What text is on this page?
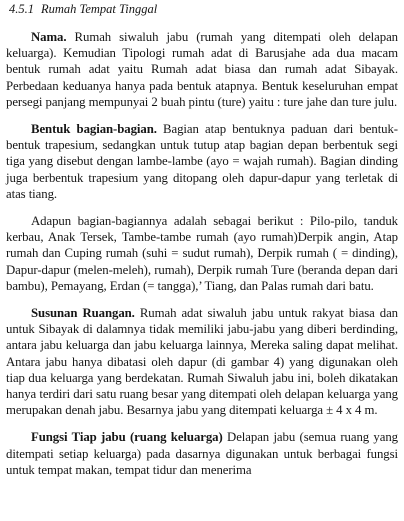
4.5.1 Rumah Tempat Tinggal

Nama. Rumah siwaluh jabu (rumah yang ditempati oleh delapan keluarga). Kemudian Tipologi rumah adat di Barusjahe ada dua macam bentuk rumah adat yaitu Rumah adat biasa dan rumah adat Sibayak. Perbedaan keduanya hanya pada bentuk atapnya. Bentuk keseluruhan empat persegi panjang mempunyai 2 buah pintu (ture) yaitu : ture jahe dan ture julu.

Bentuk bagian-bagian. Bagian atap bentuknya paduan dari bentuk-bentuk trapesium, sedangkan untuk tutup atap bagian depan berbentuk segi tiga yang disebut dengan lambe-lambe (ayo = wajah rumah). Bagian dinding juga berbentuk trapesium yang ditopang oleh dapur-dapur yang terletak di atas tiang.

Adapun bagian-bagiannya adalah sebagai berikut : Pilo-pilo, tanduk kerbau, Anak Tersek, Tambe-tambe rumah (ayo rumah)Derpik angin, Atap rumah dan Cuping rumah (suhi = sudut rumah), Derpik rumah ( = dinding), Dapur-dapur (melen-meleh), rumah), Derpik rumah Ture (beranda depan dari bambu), Pemayang, Erdan (= tangga),’ Tiang, dan Palas rumah dari batu.

Susunan Ruangan. Rumah adat siwaluh jabu untuk rakyat biasa dan untuk Sibayak di dalamnya tidak memiliki jabu-jabu yang diberi berdinding, antara jabu keluarga dan jabu keluarga lainnya, Mereka saling dapat melihat. Antara jabu hanya dibatasi oleh dapur (di gambar 4) yang digunakan oleh tiap dua keluarga yang berdekatan. Rumah Siwaluh jabu ini, boleh dikatakan hanya terdiri dari satu ruang besar yang ditempati oleh delapan keluarga yang merupakan denah jabu. Besarnya jabu yang ditempati keluarga ± 4 x 4 m.

Fungsi Tiap jabu (ruang keluarga) Delapan jabu (semua ruang yang ditempati setiap keluarga) pada dasarnya digunakan untuk berbagai fungsi untuk tempat makan, tempat tidur dan menerima
